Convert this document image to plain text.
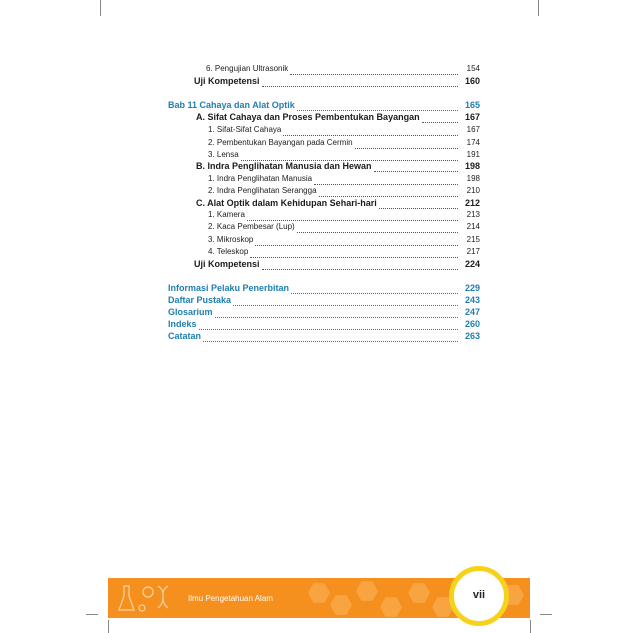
6. Pengujian Ultrasonik	154
Uji Kompetensi	160
Bab 11 Cahaya dan Alat Optik	165
A. Sifat Cahaya dan Proses Pembentukan Bayangan	167
1. Sifat-Sifat Cahaya	167
2. Pembentukan Bayangan pada Cermin	174
3. Lensa	191
B. Indra Penglihatan Manusia dan Hewan	198
1. Indra Penglihatan Manusia	198
2. Indra Penglihatan Serangga	210
C. Alat Optik dalam Kehidupan Sehari-hari	212
1. Kamera	213
2. Kaca Pembesar (Lup)	214
3. Mikroskop	215
4. Teleskop	217
Uji Kompetensi	224
Informasi Pelaku Penerbitan	229
Daftar Pustaka	243
Glosarium	247
Indeks	260
Catatan	263
Ilmu Pengetahuan Alam	vii
